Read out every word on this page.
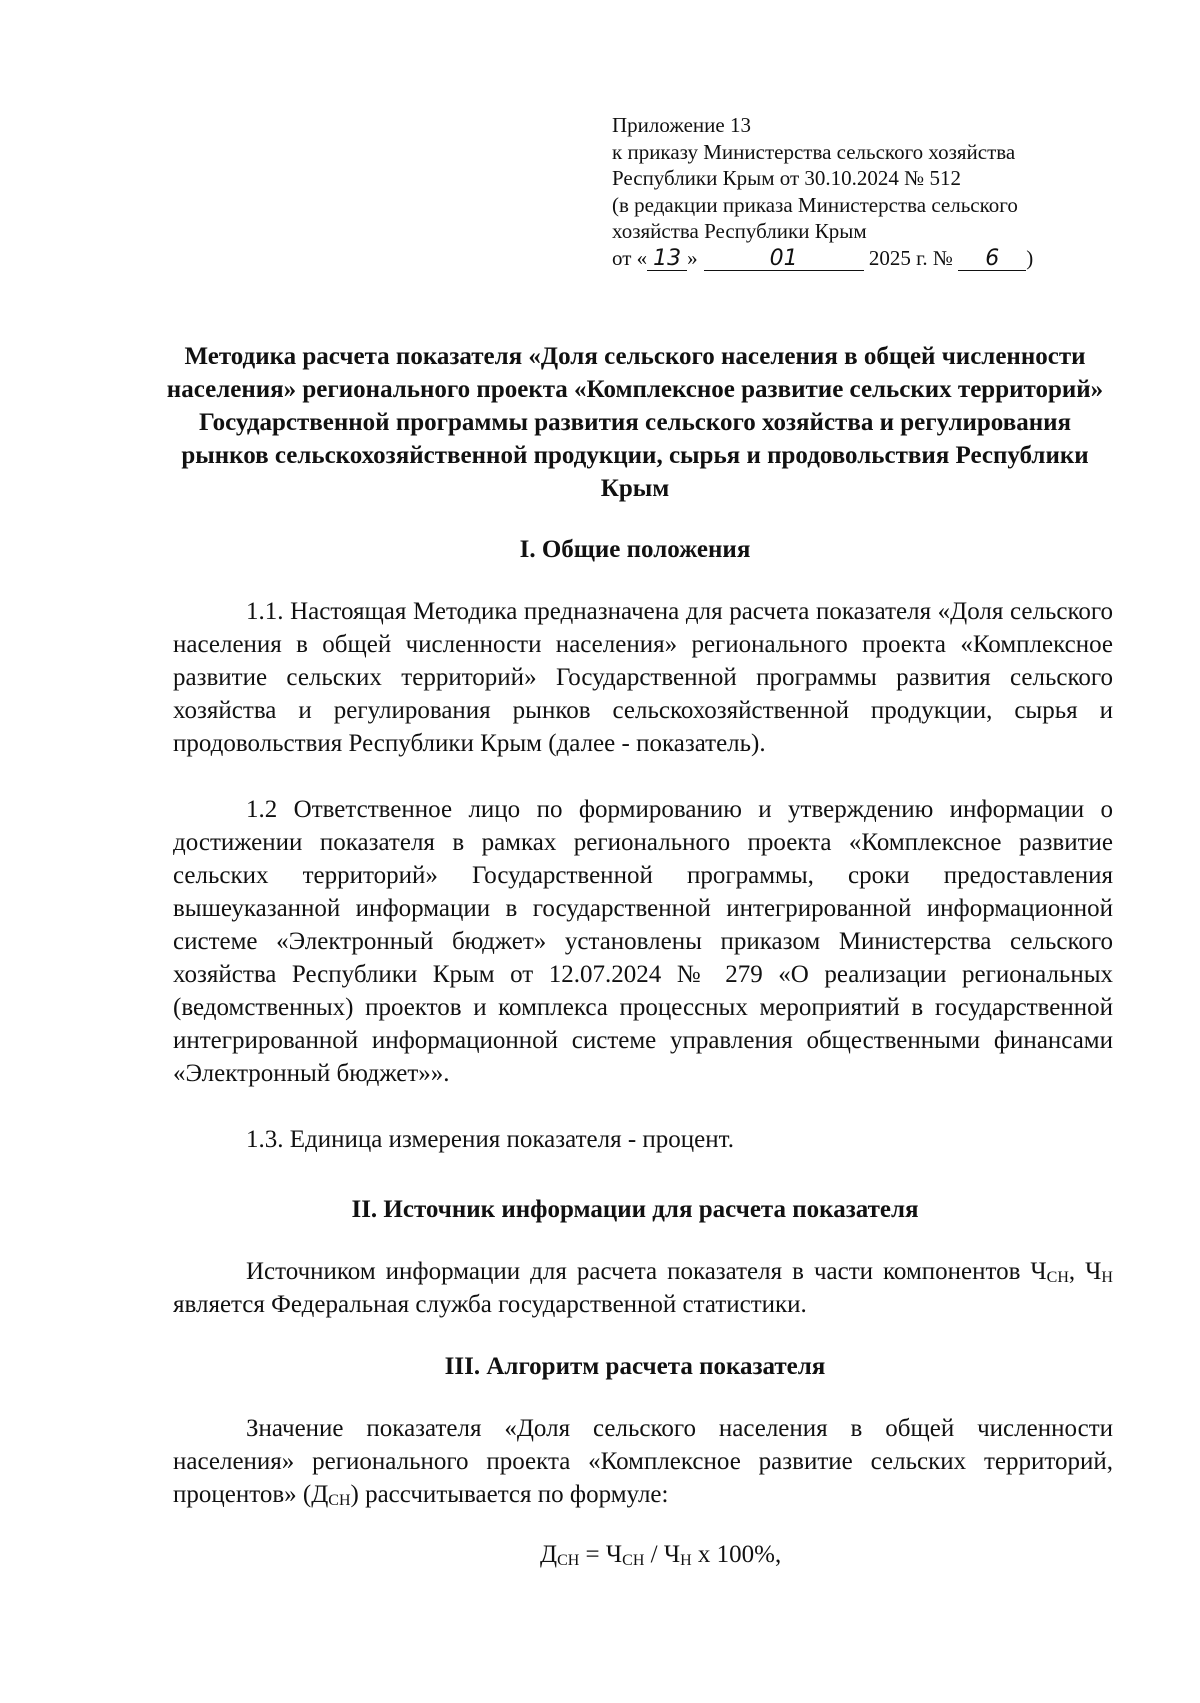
Приложение 13
к приказу Министерства сельского хозяйства
Республики Крым от 30.10.2024 № 512
(в редакции приказа Министерства сельского
хозяйства Республики Крым
от « 13 »	01	2025 г. № 6 )
Методика расчета показателя «Доля сельского населения в общей численности населения» регионального проекта «Комплексное развитие сельских территорий» Государственной программы развития сельского хозяйства и регулирования рынков сельскохозяйственной продукции, сырья и продовольствия Республики Крым
I. Общие положения

1.1. Настоящая Методика предназначена для расчета показателя «Доля сельского населения в общей численности населения» регионального проекта «Комплексное развитие сельских территорий» Государственной программы развития сельского хозяйства и регулирования рынков сельскохозяйственной продукции, сырья и продовольствия Республики Крым (далее - показатель).

1.2 Ответственное лицо по формированию и утверждению информации о достижении показателя в рамках регионального проекта «Комплексное развитие сельских территорий» Государственной программы, сроки предоставления вышеуказанной информации в государственной интегрированной информационной системе «Электронный бюджет» установлены приказом Министерства сельского хозяйства Республики Крым от 12.07.2024 № 279 «О реализации региональных (ведомственных) проектов и комплекса процессных мероприятий в государственной интегрированной информационной системе управления общественными финансами «Электронный бюджет»».

1.3. Единица измерения показателя - процент.

II. Источник информации для расчета показателя

Источником информации для расчета показателя в части компонентов $Ч_{СН}$, $Ч_Н$ является Федеральная служба государственной статистики.

III. Алгоритм расчета показателя

Значение показателя «Доля сельского населения в общей численности населения» регионального проекта «Комплексное развитие сельских территорий, процентов» $(Д_{СН})$ рассчитывается по формуле:

$Д_{СН} = Ч_{СН} / Ч_Н$ х 100%,
